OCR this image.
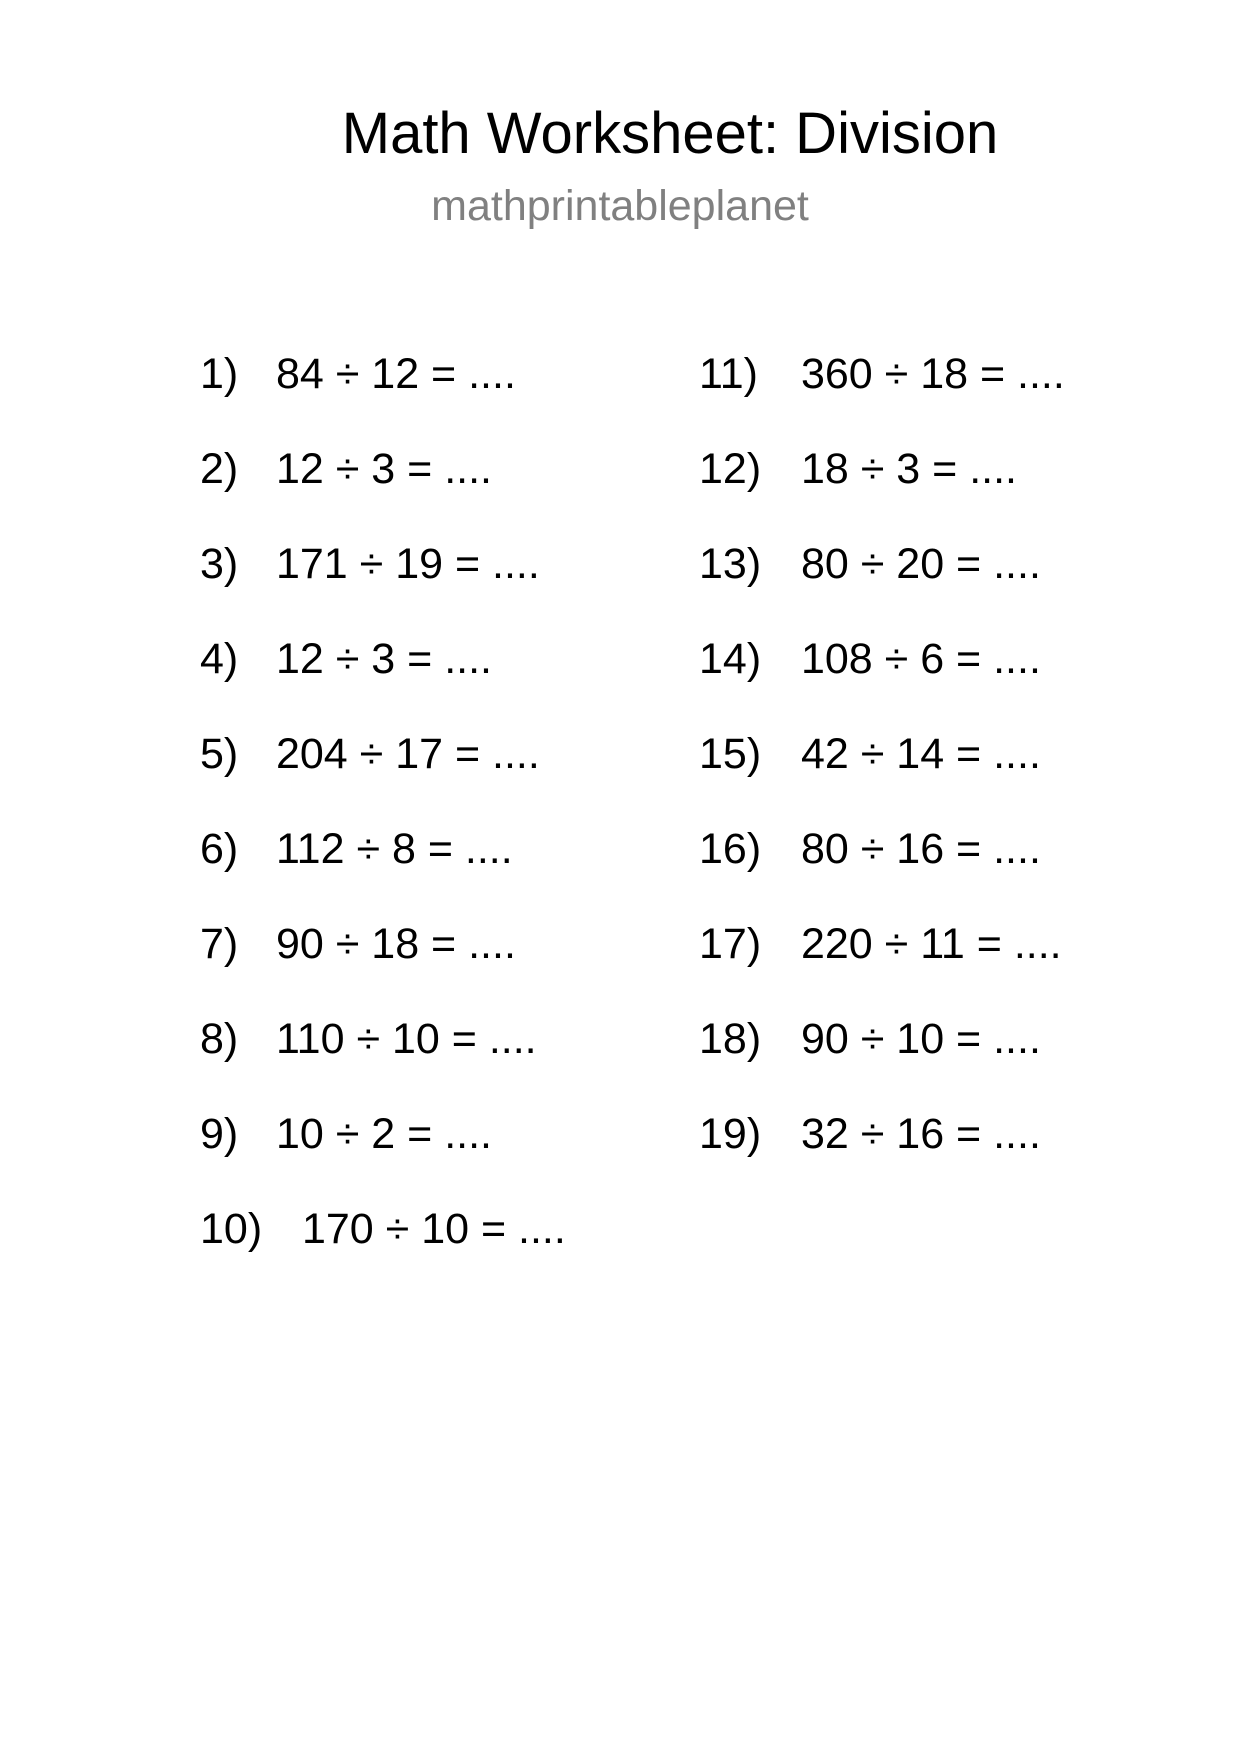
Math Worksheet: Division
mathprintableplanet
1) 84 ÷ 12 = ....
2) 12 ÷ 3 = ....
3) 171 ÷ 19 = ....
4) 12 ÷ 3 = ....
5) 204 ÷ 17 = ....
6) 112 ÷ 8 = ....
7) 90 ÷ 18 = ....
8) 110 ÷ 10 = ....
9) 10 ÷ 2 = ....
10) 170 ÷ 10 = ....
11) 360 ÷ 18 = ....
12) 18 ÷ 3 = ....
13) 80 ÷ 20 = ....
14) 108 ÷ 6 = ....
15) 42 ÷ 14 = ....
16) 80 ÷ 16 = ....
17) 220 ÷ 11 = ....
18) 90 ÷ 10 = ....
19) 32 ÷ 16 = ....
